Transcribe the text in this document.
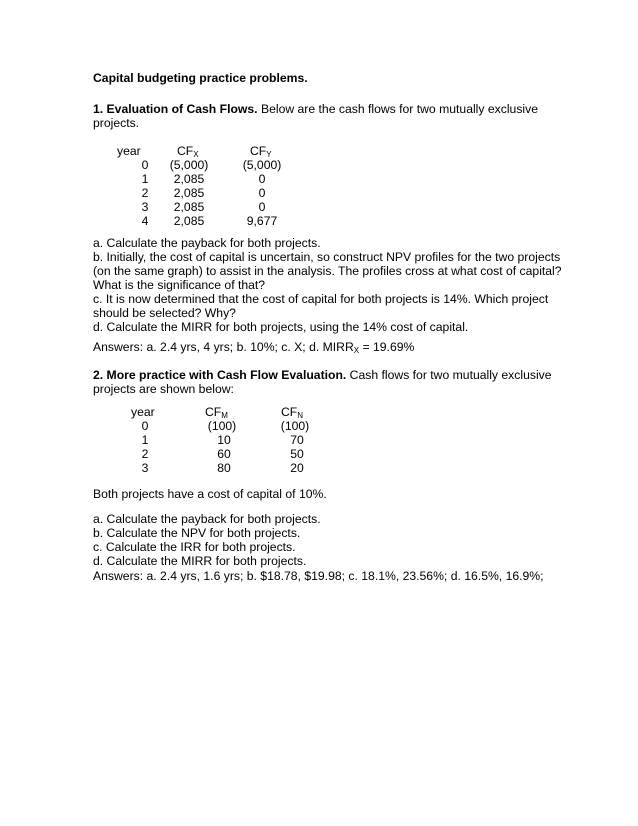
Capital budgeting practice problems.
1. Evaluation of Cash Flows. Below are the cash flows for two mutually exclusive
projects.
year	$CF_X$	$CF_Y$
0	(5,000)	(5,000)
1	2,085	0
2	2,085	0
3	2,085	0
4	2,085	9,677
a. Calculate the payback for both projects.
b. Initially, the cost of capital is uncertain, so construct NPV profiles for the two projects
(on the same graph) to assist in the analysis. The profiles cross at what cost of capital?
What is the significance of that?
c. It is now determined that the cost of capital for both projects is 14%. Which project
should be selected? Why?
d. Calculate the MIRR for both projects, using the 14% cost of capital.
Answers: a. 2.4 yrs, 4 yrs; b. 10%; c. X; d. $MIRR_X = 19.69\%$
2. More practice with Cash Flow Evaluation. Cash flows for two mutually exclusive
projects are shown below:
year	$CF_M$	$CF_N$
0	(100)	(100)
1	10	70
2	60	50
3	80	20
Both projects have a cost of capital of 10%.
a. Calculate the payback for both projects.
b. Calculate the NPV for both projects.
c. Calculate the IRR for both projects.
d. Calculate the MIRR for both projects.
Answers: a. 2.4 yrs, 1.6 yrs; b. $18.78, $19.98; c. 18.1%, 23.56%; d. 16.5%, 16.9%;
